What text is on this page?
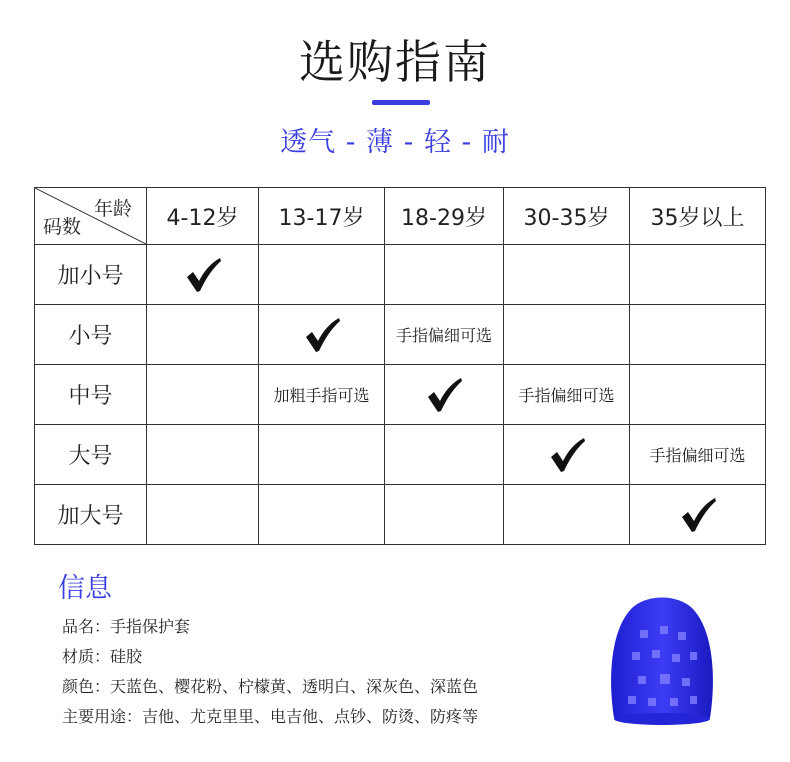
选购指南
透气 - 薄 - 轻 - 耐
年龄
码数	4-12岁	13-17岁	18-29岁	30-35岁	35岁以上
加小号					
小号			手指偏细可选		
中号		加粗手指可选		手指偏细可选	
大号					手指偏细可选
加大号					
信息
品名：手指保护套
材质：硅胶
颜色：天蓝色、樱花粉、柠檬黄、透明白、深灰色、深蓝色
主要用途：吉他、尤克里里、电吉他、点钞、防烫、防疼等
